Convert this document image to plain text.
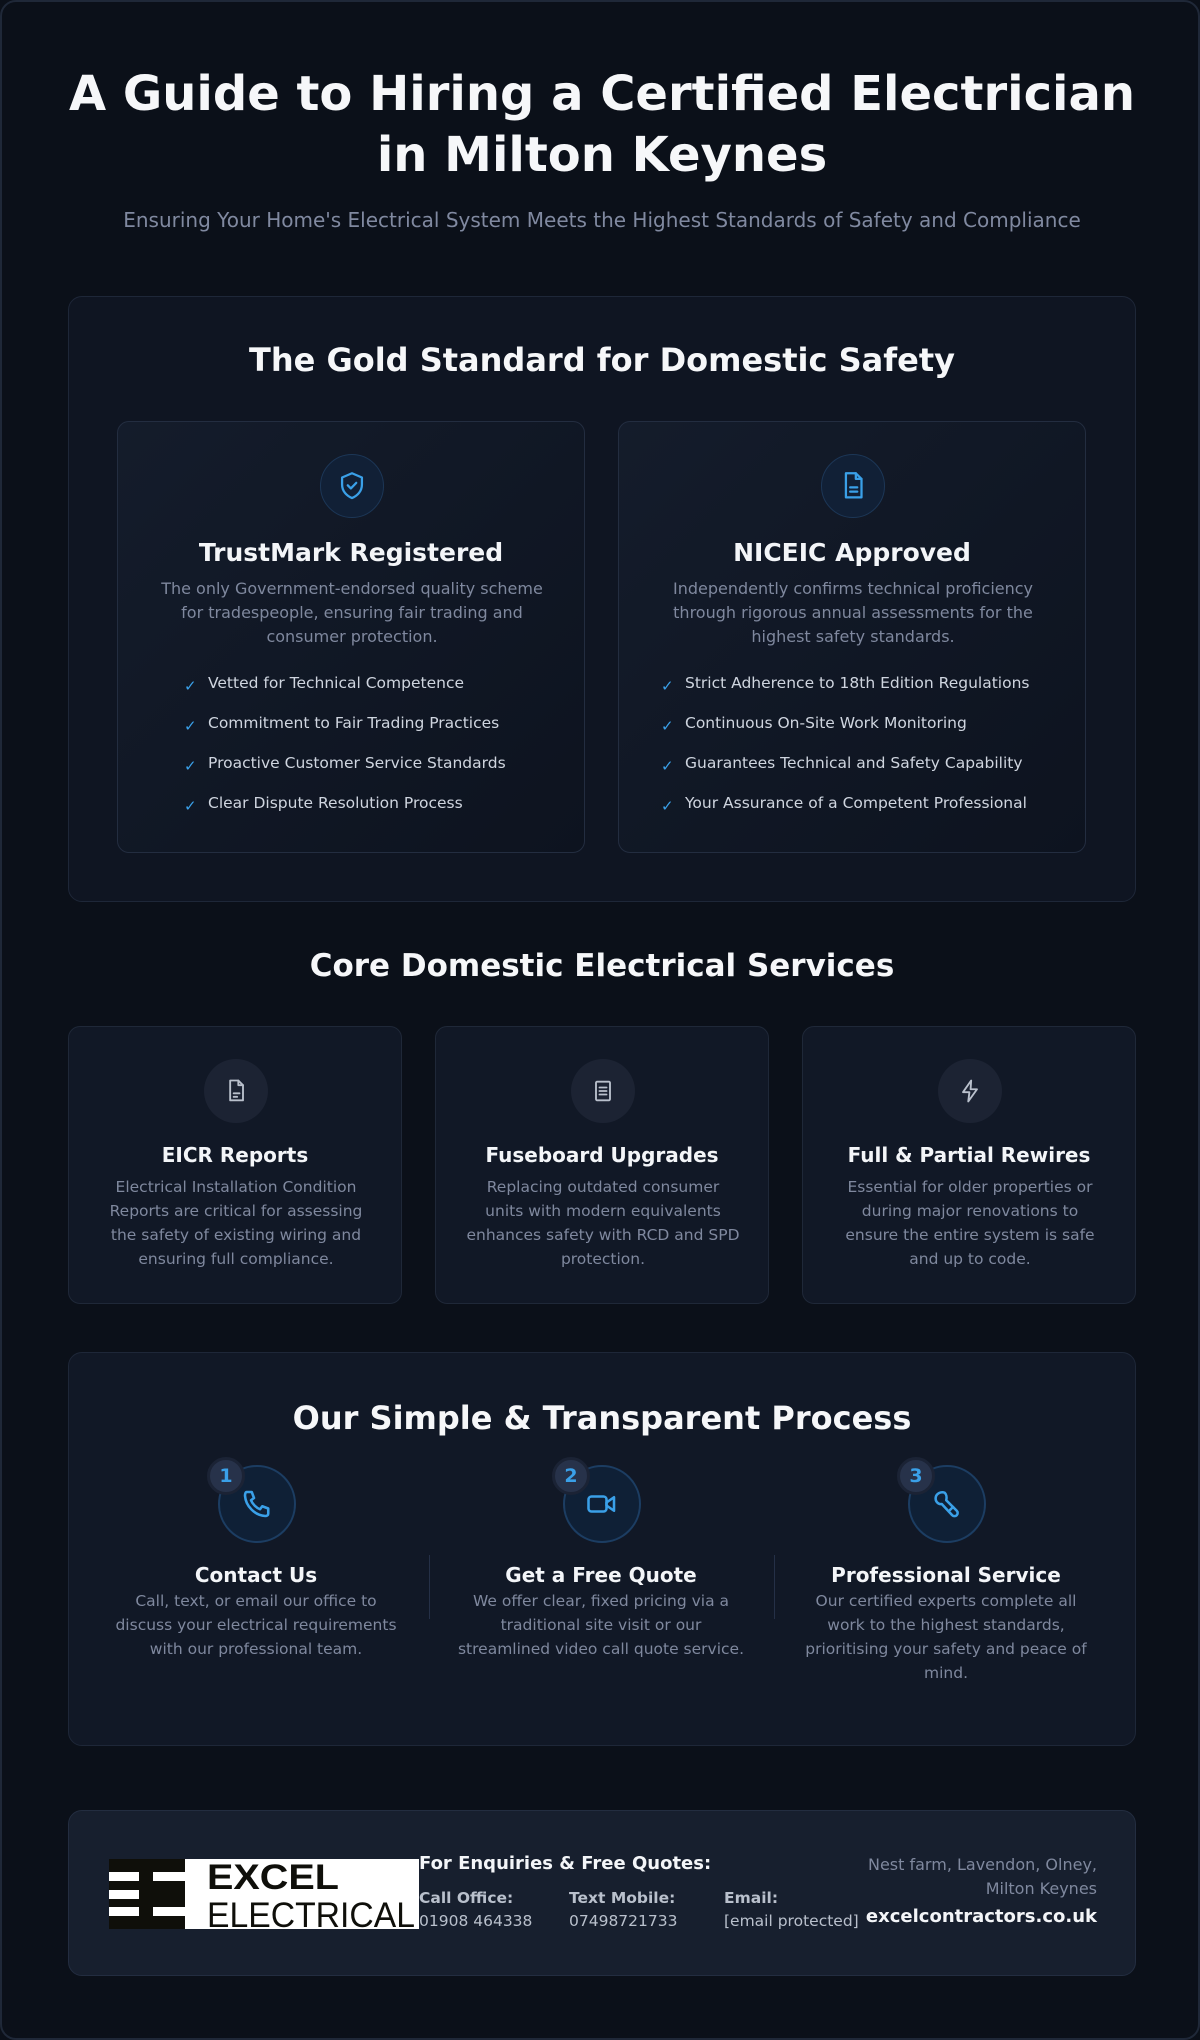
A Guide to Hiring a Certified Electrician
in Milton Keynes
Ensuring Your Home's Electrical System Meets the Highest Standards of Safety and Compliance
The Gold Standard for Domestic Safety
TrustMark Registered
The only Government-endorsed quality scheme for tradespeople, ensuring fair trading and consumer protection.
✓ Vetted for Technical Competence
✓ Commitment to Fair Trading Practices
✓ Proactive Customer Service Standards
✓ Clear Dispute Resolution Process
NICEIC Approved
Independently confirms technical proficiency through rigorous annual assessments for the highest safety standards.
✓ Strict Adherence to 18th Edition Regulations
✓ Continuous On-Site Work Monitoring
✓ Guarantees Technical and Safety Capability
✓ Your Assurance of a Competent Professional
Core Domestic Electrical Services
EICR Reports
Electrical Installation Condition Reports are critical for assessing the safety of existing wiring and ensuring full compliance.
Fuseboard Upgrades
Replacing outdated consumer units with modern equivalents enhances safety with RCD and SPD protection.
Full & Partial Rewires
Essential for older properties or during major renovations to ensure the entire system is safe and up to code.
Our Simple & Transparent Process
1
Contact Us
Call, text, or email our office to discuss your electrical requirements with our professional team.
2
Get a Free Quote
We offer clear, fixed pricing via a traditional site visit or our streamlined video call quote service.
3
Professional Service
Our certified experts complete all work to the highest standards, prioritising your safety and peace of mind.
EXCEL
ELECTRICAL
For Enquiries & Free Quotes:
Call Office:
01908 464338
Text Mobile:
07498721733
Email:
[email protected]
Nest farm, Lavendon, Olney,
Milton Keynes
excelcontractors.co.uk
